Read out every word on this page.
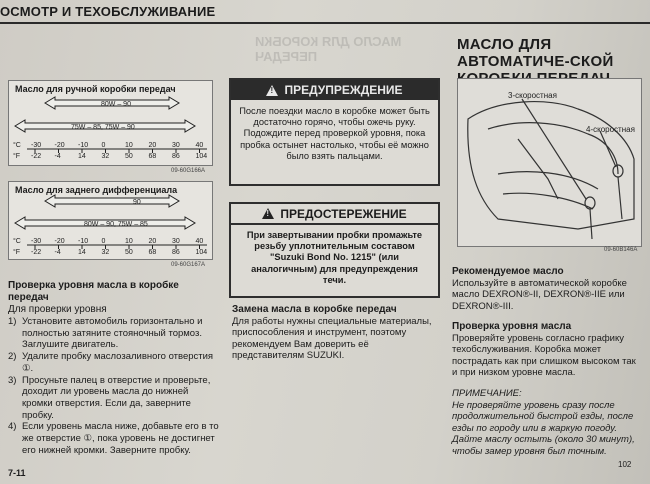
ОСМОТР И ТЕХОБСЛУЖИВАНИЕ
МАСЛО ДЛЯ КОРОБКИ ПЕРЕДАЧ
Масло для ручной коробки передач
80W – 90
75W – 85, 75W – 90
°C
°F
-30
-22
-20
-4
-10
14
0
32
10
50
20
68
30
86
40
104
09-60G166A
Масло для заднего дифференциала
90
80W – 90, 75W – 85
°C
°F
-30
-22
-20
-4
-10
14
0
32
10
50
20
68
30
86
40
104
09-60G167A
Проверка уровня масла в коробке передач
Для проверки уровня
1) Установите автомобиль горизонтально и полностью затяните стояночный тормоз. Заглушите двигатель.
2) Удалите пробку маслозаливного отверстия ①.
3) Просуньте палец в отверстие и проверьте, доходит ли уровень масла до нижней кромки отверстия. Если да, заверните пробку.
4) Если уровень масла ниже, добавьте его в то же отверстие ①, пока уровень не достигнет его нижней кромки. Заверните пробку.
! ПРЕДУПРЕЖДЕНИЕ
После поездки масло в коробке может быть достаточно горячо, чтобы ожечь руку. Подождите перед проверкой уровня, пока пробка остынет настолько, чтобы её можно было взять пальцами.
! ПРЕДОСТЕРЕЖЕНИЕ
При завертывании пробки промажьте резьбу уплотнительным составом "Suzuki Bond No. 1215" (или аналогичным) для предупреждения течи.
Замена масла в коробке передач
Для работы нужны специальные материалы, приспособления и инструмент, поэтому рекомендуем Вам доверить её представителям SUZUKI.
МАСЛО ДЛЯ АВТОМАТИЧЕ-СКОЙ
3-скоростная
4-скоростная
09-60B146A
Рекомендуемое масло
Используйте в автоматической коробке масло DEXRON®-II, DEXRON®-IIE или DEXRON®-III.
Проверка уровня масла
Проверяйте уровень согласно графику техобслуживания. Коробка может пострадать как при слишком высоком так и при низком уровне масла.
ПРИМЕЧАНИЕ:
Не проверяйте уровень сразу после продолжительной быстрой езды, после езды по городу или в жаркую погоду. Дайте маслу остыть (около 30 минут), чтобы замер уровня был точным.
7-11
102
